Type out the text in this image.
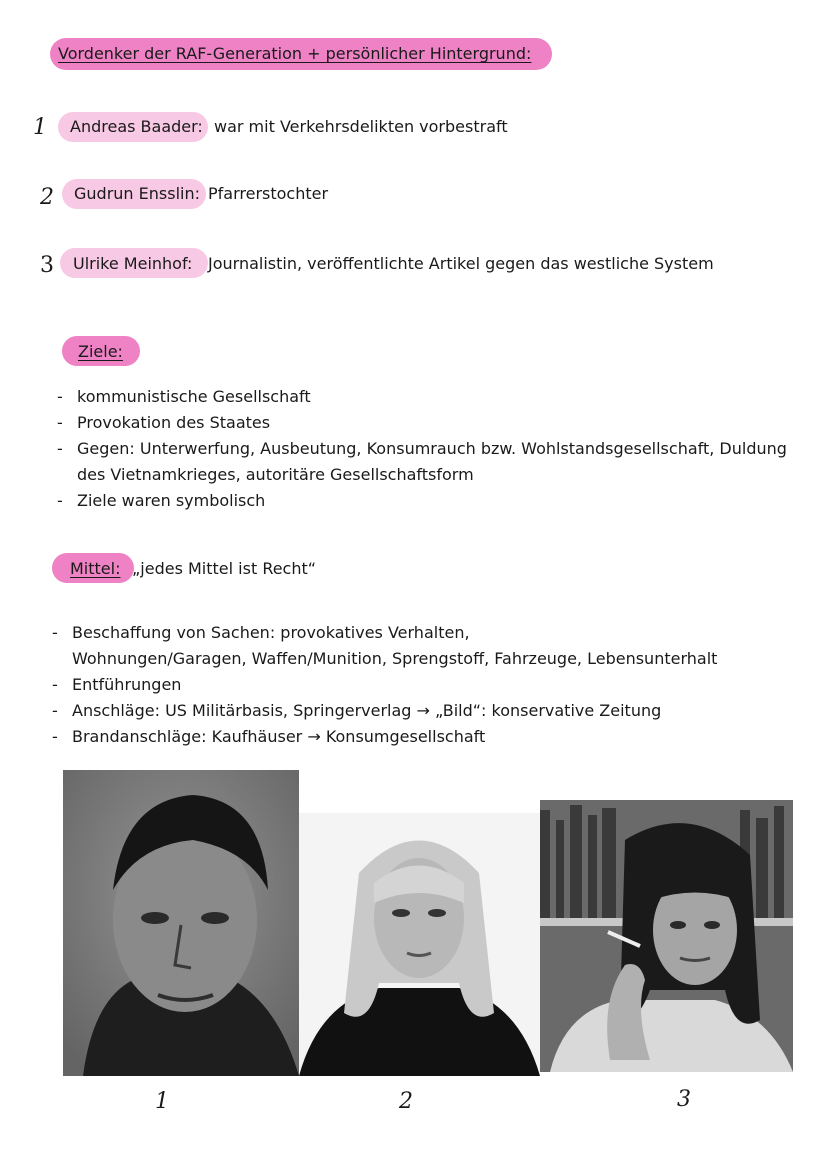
Vordenker der RAF-Generation + persönlicher Hintergrund:
1 Andreas Baader: war mit Verkehrsdelikten vorbestraft
2 Gudrun Ensslin: Pfarrerstochter
3 Ulrike Meinhof: Journalistin, veröffentlichte Artikel gegen das westliche System
Ziele:
- kommunistische Gesellschaft
- Provokation des Staates
- Gegen: Unterwerfung, Ausbeutung, Konsumrauch bzw. Wohlstandsgesellschaft, Duldung
des Vietnamkrieges, autoritäre Gesellschaftsform
- Ziele waren symbolisch
Mittel: „jedes Mittel ist Recht“
- Beschaffung von Sachen: provokatives Verhalten,
Wohnungen/Garagen, Waffen/Munition, Sprengstoff, Fahrzeuge, Lebensunterhalt
- Entführungen
- Anschläge: US Militärbasis, Springerverlag → „Bild“: konservative Zeitung
- Brandanschläge: Kaufhäuser → Konsumgesellschaft
1	2	3
